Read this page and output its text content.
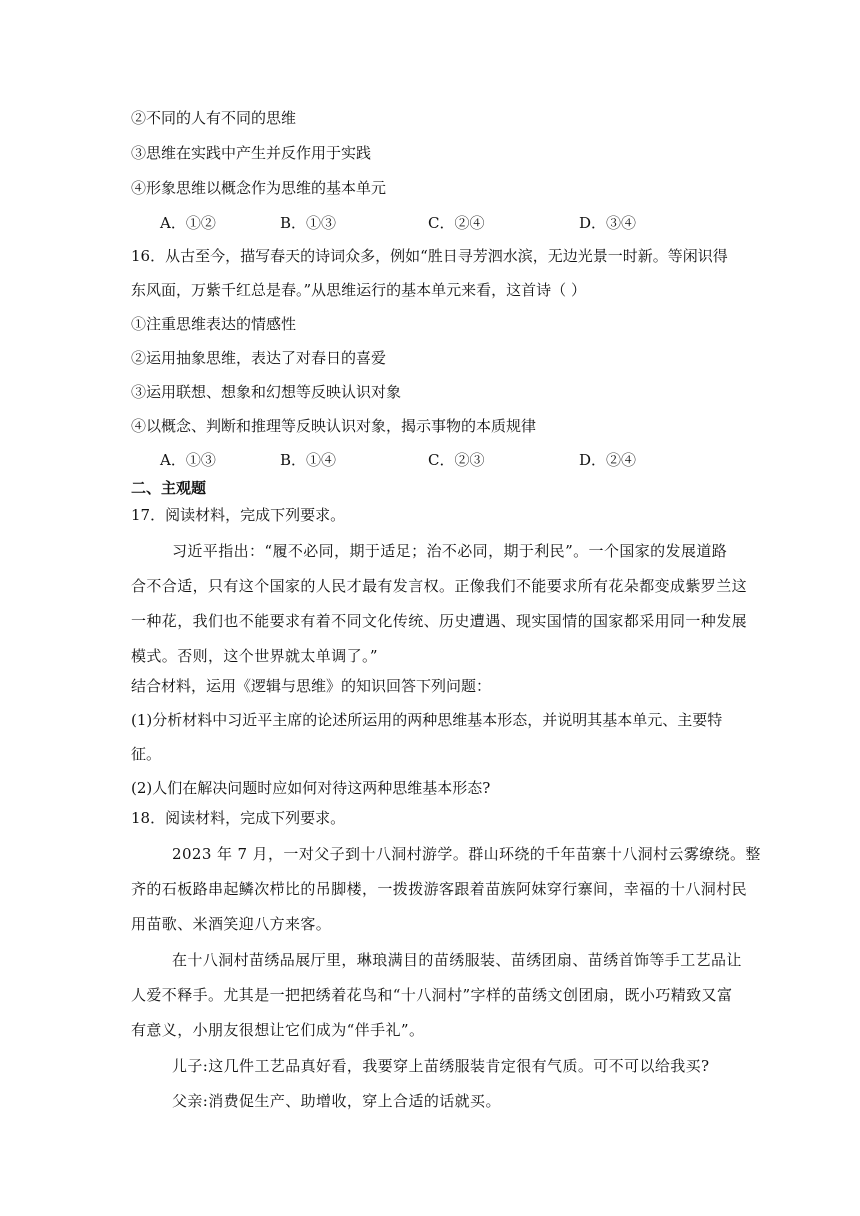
②不同的人有不同的思维
③思维在实践中产生并反作用于实践
④形象思维以概念作为思维的基本单元
A．①②	B．①③	C．②④	D．③④
16．从古至今，描写春天的诗词众多，例如“胜日寻芳泗水滨，无边光景一时新。等闲识得
东风面，万紫千红总是春。”从思维运行的基本单元来看，这首诗（ ）
①注重思维表达的情感性
②运用抽象思维，表达了对春日的喜爱
③运用联想、想象和幻想等反映认识对象
④以概念、判断和推理等反映认识对象，揭示事物的本质规律
A．①③	B．①④	C．②③	D．②④
二、主观题
17．阅读材料，完成下列要求。
习近平指出：“履不必同，期于适足；治不必同，期于利民”。一个国家的发展道路
合不合适，只有这个国家的人民才最有发言权。正像我们不能要求所有花朵都变成紫罗兰这
一种花，我们也不能要求有着不同文化传统、历史遭遇、现实国情的国家都采用同一种发展
模式。否则，这个世界就太单调了。”
结合材料，运用《逻辑与思维》的知识回答下列问题：
(1)分析材料中习近平主席的论述所运用的两种思维基本形态，并说明其基本单元、主要特
征。
(2)人们在解决问题时应如何对待这两种思维基本形态?
18．阅读材料，完成下列要求。
2023 年 7 月，一对父子到十八洞村游学。群山环绕的千年苗寨十八洞村云雾缭绕。整
齐的石板路串起鳞次栉比的吊脚楼，一拨拨游客跟着苗族阿妹穿行寨间，幸福的十八洞村民
用苗歌、米酒笑迎八方来客。
在十八洞村苗绣品展厅里，琳琅满目的苗绣服装、苗绣团扇、苗绣首饰等手工艺品让
人爱不释手。尤其是一把把绣着花鸟和“十八洞村”字样的苗绣文创团扇，既小巧精致又富
有意义，小朋友很想让它们成为“伴手礼”。
儿子:这几件工艺品真好看，我要穿上苗绣服装肯定很有气质。可不可以给我买?
父亲:消费促生产、助增收，穿上合适的话就买。
